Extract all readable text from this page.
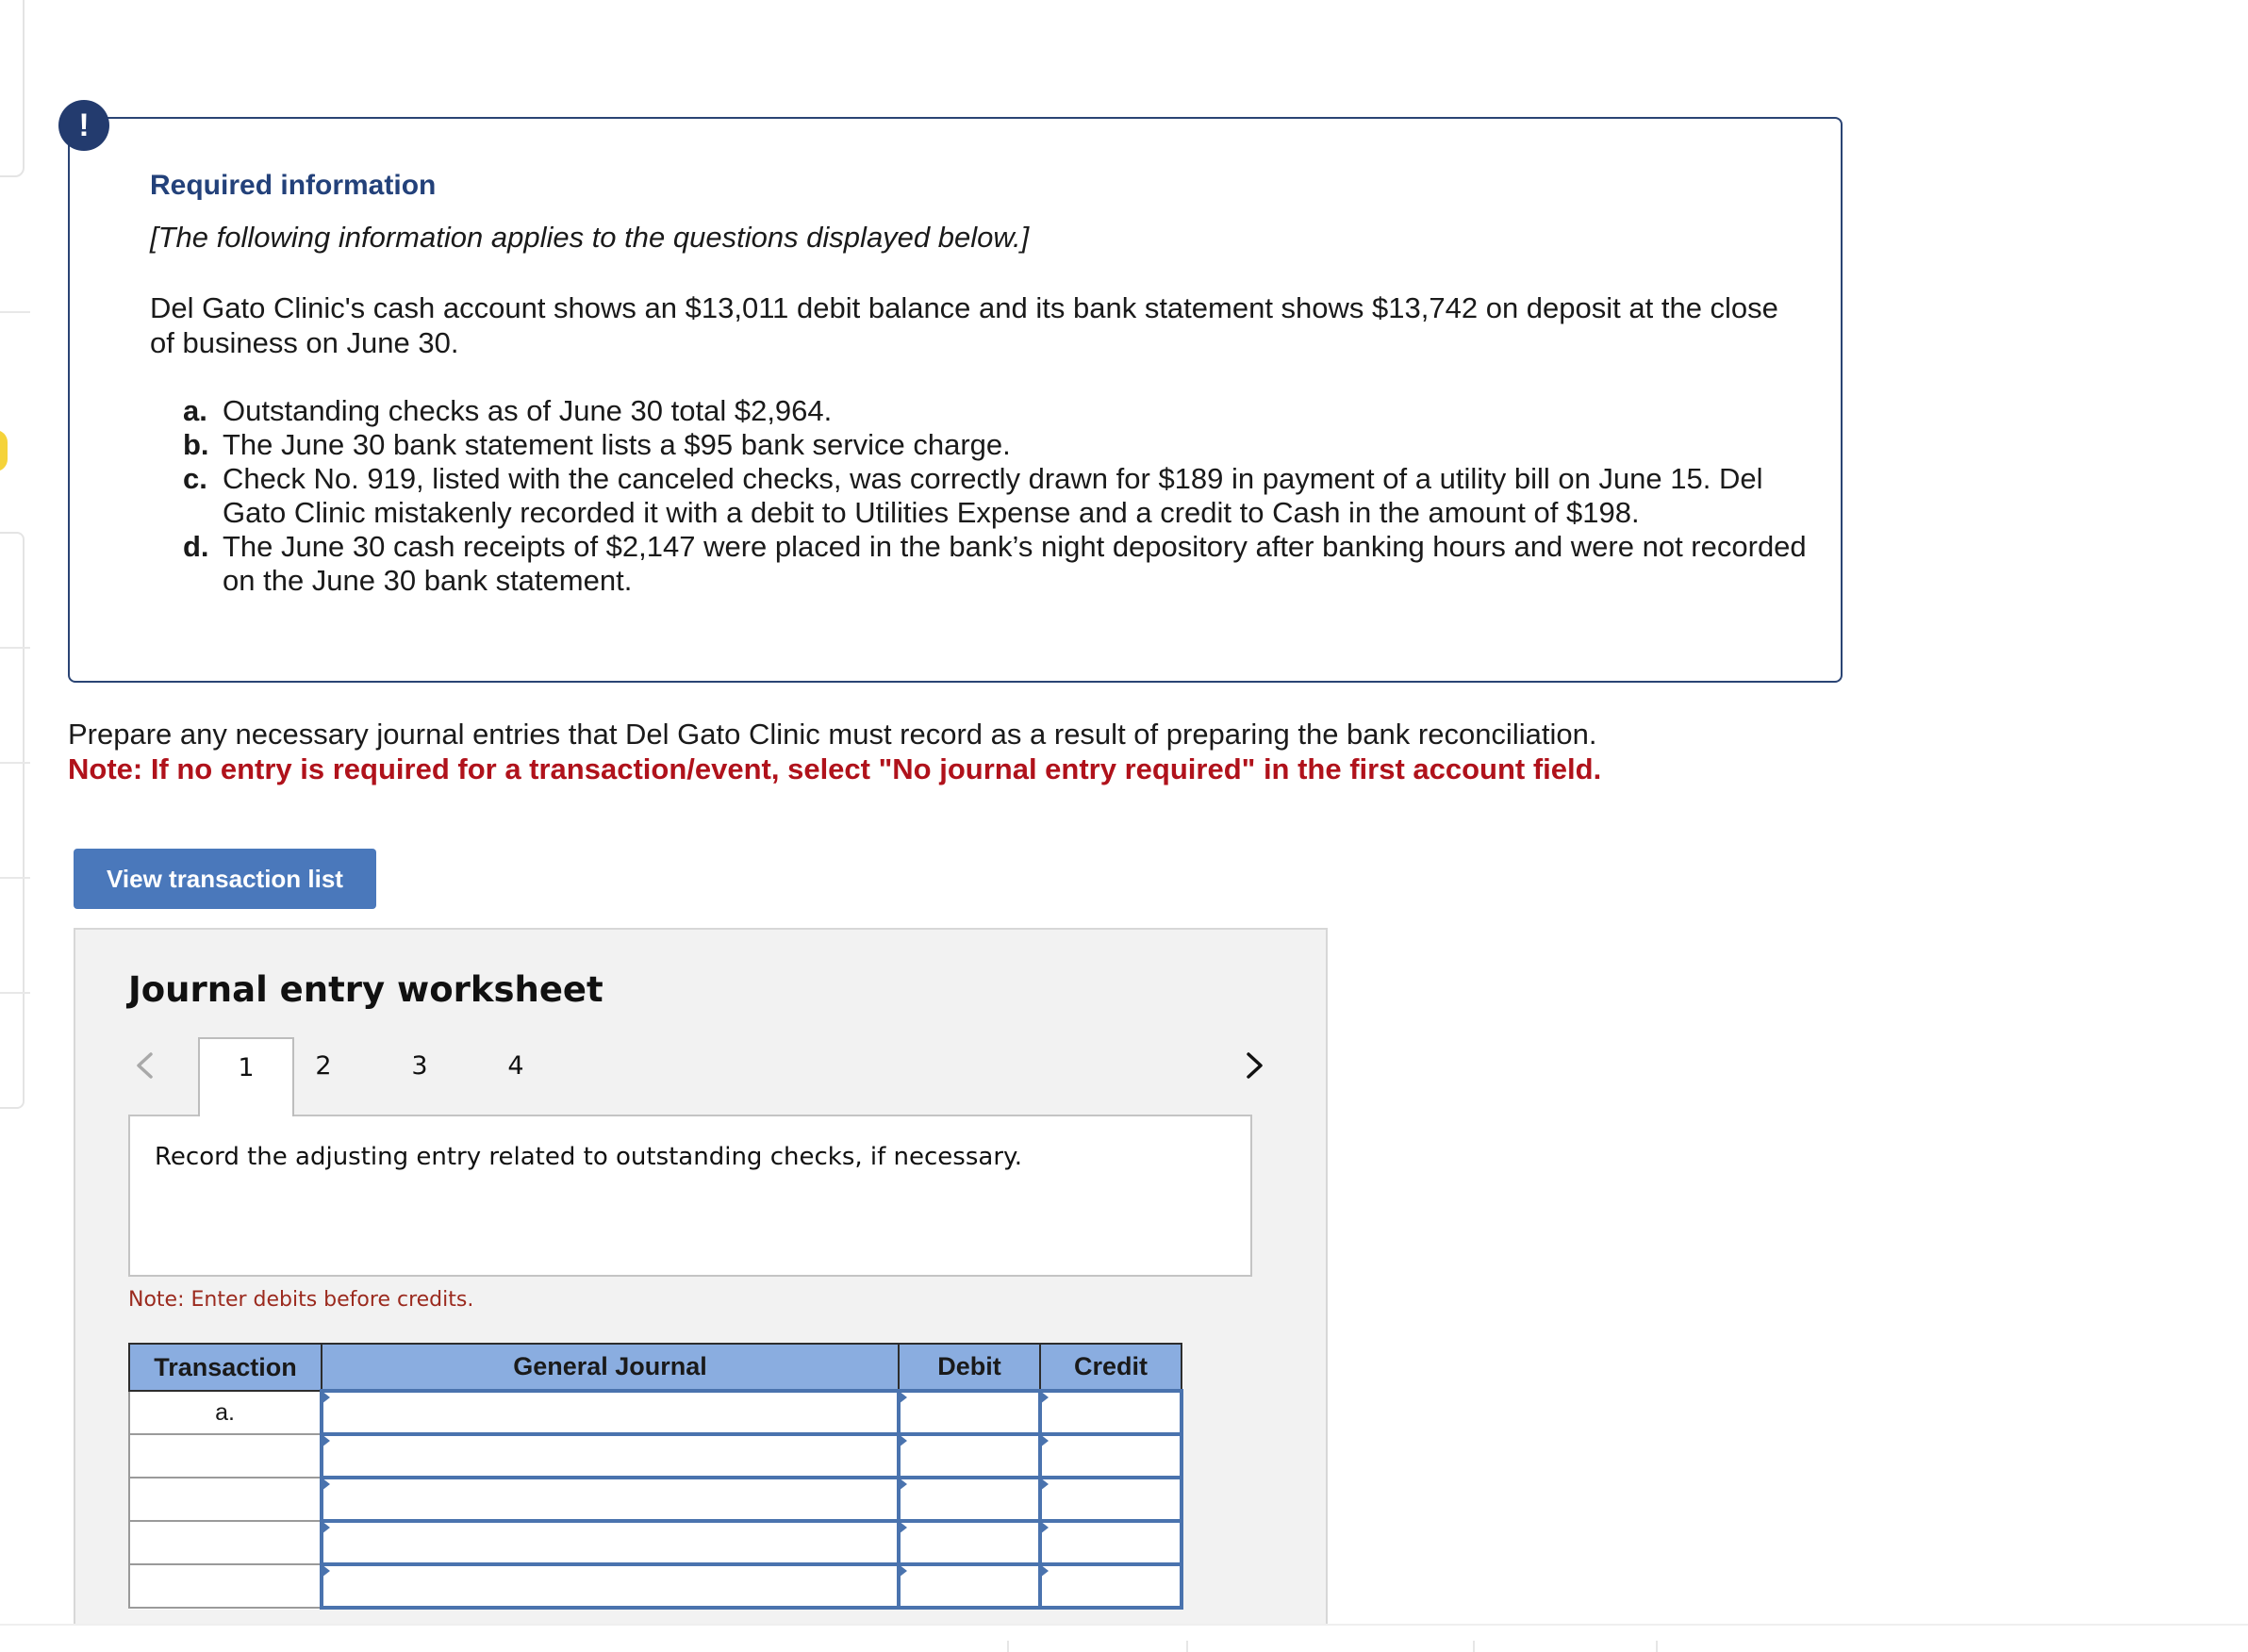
!
Required information
[The following information applies to the questions displayed below.]

Del Gato Clinic's cash account shows an $13,011 debit balance and its bank statement shows $13,742 on deposit at the close of business on June 30.

a. Outstanding checks as of June 30 total $2,964.
b. The June 30 bank statement lists a $95 bank service charge.
c. Check No. 919, listed with the canceled checks, was correctly drawn for $189 in payment of a utility bill on June 15. Del Gato Clinic mistakenly recorded it with a debit to Utilities Expense and a credit to Cash in the amount of $198.
d. The June 30 cash receipts of $2,147 were placed in the bank’s night depository after banking hours and were not recorded on the June 30 bank statement.

Prepare any necessary journal entries that Del Gato Clinic must record as a result of preparing the bank reconciliation.

Note: If no entry is required for a transaction/event, select "No journal entry required" in the first account field.

View transaction list
Journal entry worksheet
1	2	3	4
Record the adjusting entry related to outstanding checks, if necessary.
Note: Enter debits before credits.
Transaction	General Journal	Debit	Credit
a.			
